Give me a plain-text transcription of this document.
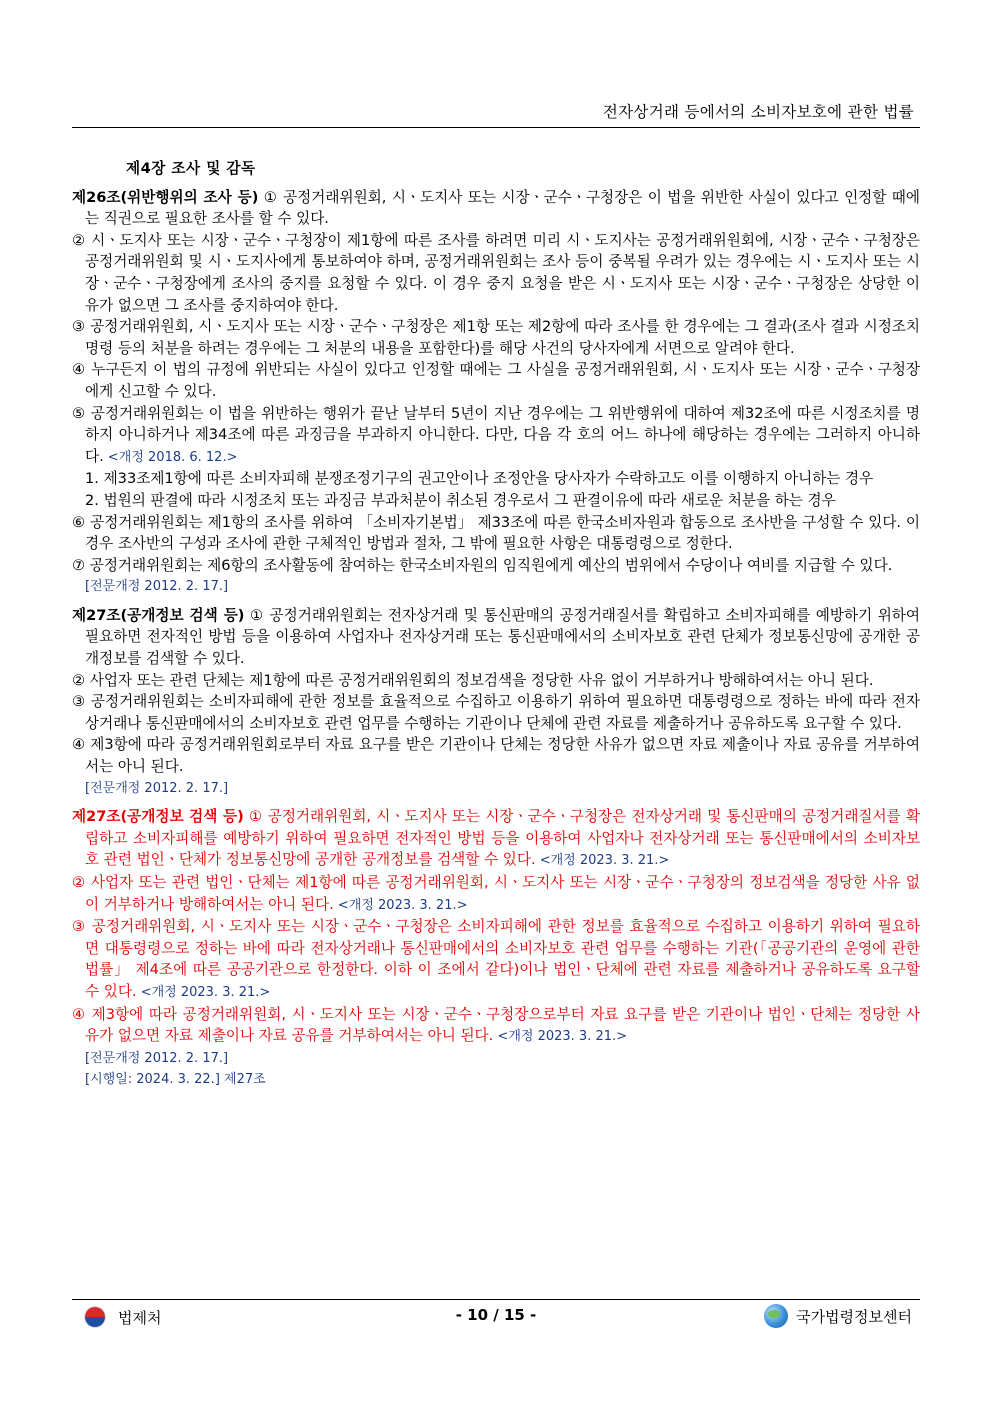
전자상거래 등에서의 소비자보호에 관한 법률
제4장 조사 및 감독
제26조(위반행위의 조사 등) ① 공정거래위원회, 시ㆍ도지사 또는 시장ㆍ군수ㆍ구청장은 이 법을 위반한 사실이 있다고 인정할 때에는 직권으로 필요한 조사를 할 수 있다.
② 시ㆍ도지사 또는 시장ㆍ군수ㆍ구청장이 제1항에 따른 조사를 하려면 미리 시ㆍ도지사는 공정거래위원회에, 시장ㆍ군수ㆍ구청장은 공정거래위원회 및 시ㆍ도지사에게 통보하여야 하며, 공정거래위원회는 조사 등이 중복될 우려가 있는 경우에는 시ㆍ도지사 또는 시장ㆍ군수ㆍ구청장에게 조사의 중지를 요청할 수 있다. 이 경우 중지 요청을 받은 시ㆍ도지사 또는 시장ㆍ군수ㆍ구청장은 상당한 이유가 없으면 그 조사를 중지하여야 한다.
③ 공정거래위원회, 시ㆍ도지사 또는 시장ㆍ군수ㆍ구청장은 제1항 또는 제2항에 따라 조사를 한 경우에는 그 결과(조사 결과 시정조치명령 등의 처분을 하려는 경우에는 그 처분의 내용을 포함한다)를 해당 사건의 당사자에게 서면으로 알려야 한다.
④ 누구든지 이 법의 규정에 위반되는 사실이 있다고 인정할 때에는 그 사실을 공정거래위원회, 시ㆍ도지사 또는 시장ㆍ군수ㆍ구청장에게 신고할 수 있다.
⑤ 공정거래위원회는 이 법을 위반하는 행위가 끝난 날부터 5년이 지난 경우에는 그 위반행위에 대하여 제32조에 따른 시정조치를 명하지 아니하거나 제34조에 따른 과징금을 부과하지 아니한다. 다만, 다음 각 호의 어느 하나에 해당하는 경우에는 그러하지 아니하다. <개정 2018. 6. 12.>
1. 제33조제1항에 따른 소비자피해 분쟁조정기구의 권고안이나 조정안을 당사자가 수락하고도 이를 이행하지 아니하는 경우
2. 법원의 판결에 따라 시정조치 또는 과징금 부과처분이 취소된 경우로서 그 판결이유에 따라 새로운 처분을 하는 경우
⑥ 공정거래위원회는 제1항의 조사를 위하여 「소비자기본법」 제33조에 따른 한국소비자원과 합동으로 조사반을 구성할 수 있다. 이 경우 조사반의 구성과 조사에 관한 구체적인 방법과 절차, 그 밖에 필요한 사항은 대통령령으로 정한다.
⑦ 공정거래위원회는 제6항의 조사활동에 참여하는 한국소비자원의 임직원에게 예산의 범위에서 수당이나 여비를 지급할 수 있다.
[전문개정 2012. 2. 17.]
제27조(공개정보 검색 등) ① 공정거래위원회는 전자상거래 및 통신판매의 공정거래질서를 확립하고 소비자피해를 예방하기 위하여 필요하면 전자적인 방법 등을 이용하여 사업자나 전자상거래 또는 통신판매에서의 소비자보호 관련 단체가 정보통신망에 공개한 공개정보를 검색할 수 있다.
② 사업자 또는 관련 단체는 제1항에 따른 공정거래위원회의 정보검색을 정당한 사유 없이 거부하거나 방해하여서는 아니 된다.
③ 공정거래위원회는 소비자피해에 관한 정보를 효율적으로 수집하고 이용하기 위하여 필요하면 대통령령으로 정하는 바에 따라 전자상거래나 통신판매에서의 소비자보호 관련 업무를 수행하는 기관이나 단체에 관련 자료를 제출하거나 공유하도록 요구할 수 있다.
④ 제3항에 따라 공정거래위원회로부터 자료 요구를 받은 기관이나 단체는 정당한 사유가 없으면 자료 제출이나 자료 공유를 거부하여서는 아니 된다.
[전문개정 2012. 2. 17.]
제27조(공개정보 검색 등) ① 공정거래위원회, 시ㆍ도지사 또는 시장ㆍ군수ㆍ구청장은 전자상거래 및 통신판매의 공정거래질서를 확립하고 소비자피해를 예방하기 위하여 필요하면 전자적인 방법 등을 이용하여 사업자나 전자상거래 또는 통신판매에서의 소비자보호 관련 법인ㆍ단체가 정보통신망에 공개한 공개정보를 검색할 수 있다. <개정 2023. 3. 21.>
② 사업자 또는 관련 법인ㆍ단체는 제1항에 따른 공정거래위원회, 시ㆍ도지사 또는 시장ㆍ군수ㆍ구청장의 정보검색을 정당한 사유 없이 거부하거나 방해하여서는 아니 된다. <개정 2023. 3. 21.>
③ 공정거래위원회, 시ㆍ도지사 또는 시장ㆍ군수ㆍ구청장은 소비자피해에 관한 정보를 효율적으로 수집하고 이용하기 위하여 필요하면 대통령령으로 정하는 바에 따라 전자상거래나 통신판매에서의 소비자보호 관련 업무를 수행하는 기관(「공공기관의 운영에 관한 법률」 제4조에 따른 공공기관으로 한정한다. 이하 이 조에서 같다)이나 법인ㆍ단체에 관련 자료를 제출하거나 공유하도록 요구할 수 있다. <개정 2023. 3. 21.>
④ 제3항에 따라 공정거래위원회, 시ㆍ도지사 또는 시장ㆍ군수ㆍ구청장으로부터 자료 요구를 받은 기관이나 법인ㆍ단체는 정당한 사유가 없으면 자료 제출이나 자료 공유를 거부하여서는 아니 된다. <개정 2023. 3. 21.>
[전문개정 2012. 2. 17.]
[시행일: 2024. 3. 22.] 제27조
법제처	- 10 / 15 -	국가법령정보센터
